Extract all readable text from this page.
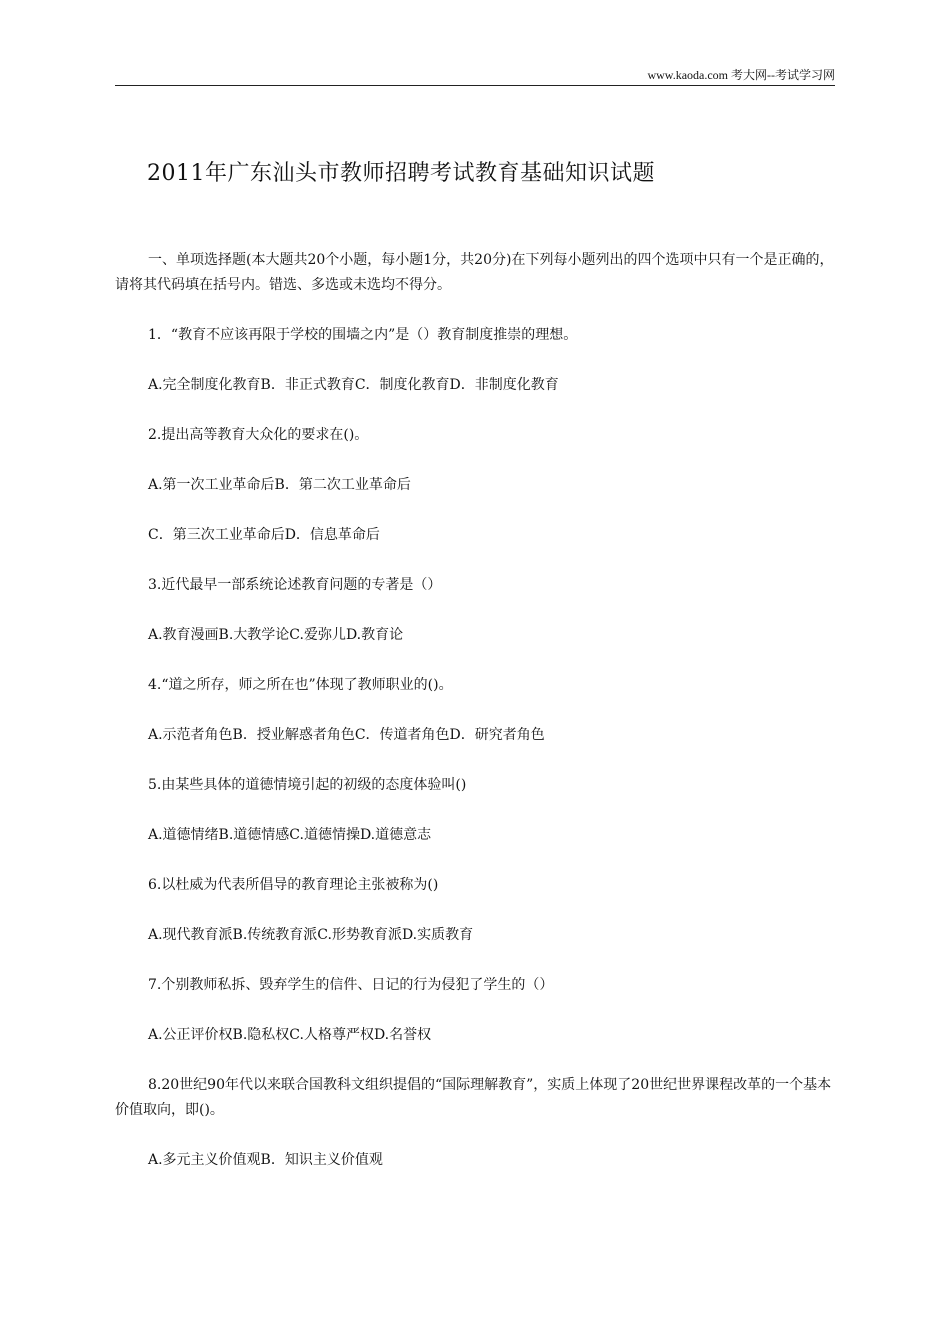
www.kaoda.com 考大网--考试学习网
2011年广东汕头市教师招聘考试教育基础知识试题

一、单项选择题(本大题共20个小题，每小题1分，共20分)在下列每小题列出的四个选项中只有一个是正确的，请将其代码填在括号内。错选、多选或未选均不得分。

1．“教育不应该再限于学校的围墙之内”是（）教育制度推崇的理想。

A.完全制度化教育B．非正式教育C．制度化教育D．非制度化教育

2.提出高等教育大众化的要求在()。

A.第一次工业革命后B．第二次工业革命后

C．第三次工业革命后D．信息革命后

3.近代最早一部系统论述教育问题的专著是（）

A.教育漫画B.大教学论C.爱弥儿D.教育论

4.“道之所存，师之所在也”体现了教师职业的()。

A.示范者角色B．授业解惑者角色C．传道者角色D．研究者角色

5.由某些具体的道德情境引起的初级的态度体验叫()

A.道德情绪B.道德情感C.道德情操D.道德意志

6.以杜威为代表所倡导的教育理论主张被称为()

A.现代教育派B.传统教育派C.形势教育派D.实质教育

7.个别教师私拆、毁弃学生的信件、日记的行为侵犯了学生的（）

A.公正评价权B.隐私权C.人格尊严权D.名誉权

8.20世纪90年代以来联合国教科文组织提倡的“国际理解教育”，实质上体现了20世纪世界课程改革的一个基本价值取向，即()。

A.多元主义价值观B．知识主义价值观
